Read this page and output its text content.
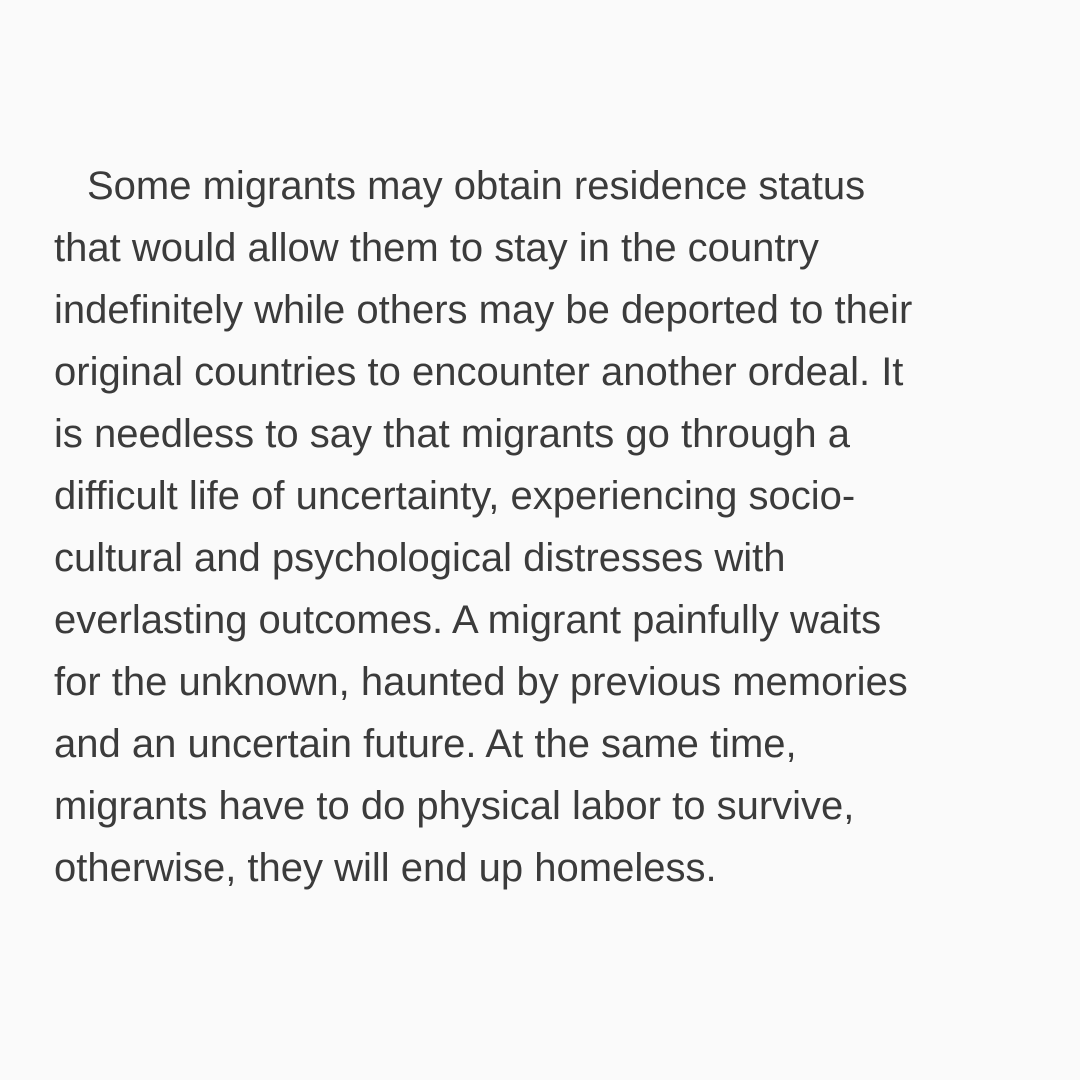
Some migrants may obtain residence status
that would allow them to stay in the country
indefinitely while others may be deported to their
original countries to encounter another ordeal. It
is needless to say that migrants go through a
difficult life of uncertainty, experiencing socio-
cultural and psychological distresses with
everlasting outcomes. A migrant painfully waits
for the unknown, haunted by previous memories
and an uncertain future. At the same time,
migrants have to do physical labor to survive,
otherwise, they will end up homeless.
